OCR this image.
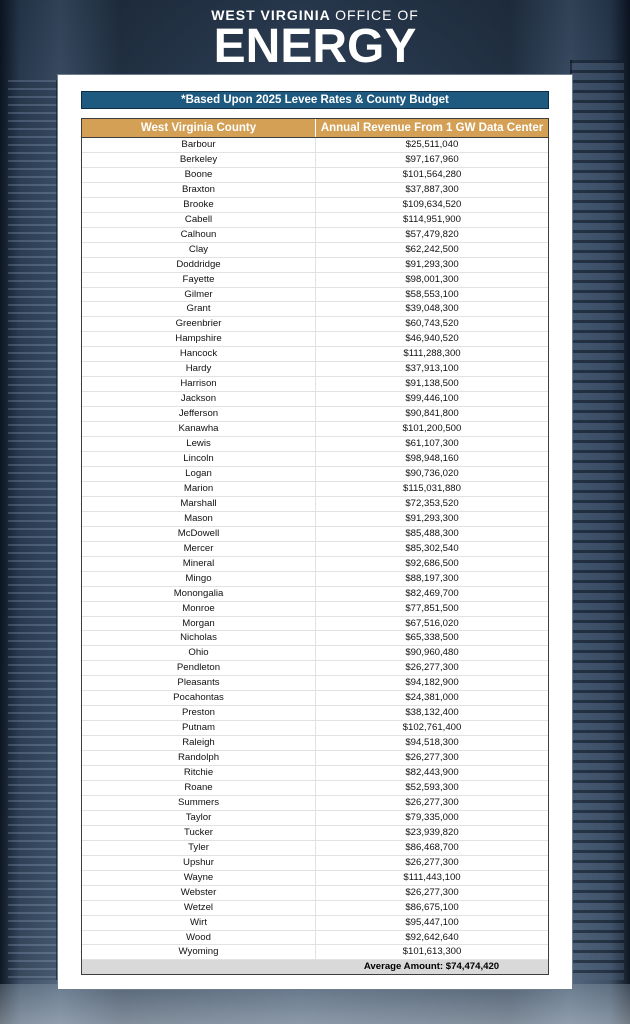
WEST VIRGINIA OFFICE OF
ENERGY
*Based Upon 2025 Levee Rates & County Budget
West Virginia County	Annual Revenue From 1 GW Data Center
Barbour	$25,511,040
Berkeley	$97,167,960
Boone	$101,564,280
Braxton	$37,887,300
Brooke	$109,634,520
Cabell	$114,951,900
Calhoun	$57,479,820
Clay	$62,242,500
Doddridge	$91,293,300
Fayette	$98,001,300
Gilmer	$58,553,100
Grant	$39,048,300
Greenbrier	$60,743,520
Hampshire	$46,940,520
Hancock	$111,288,300
Hardy	$37,913,100
Harrison	$91,138,500
Jackson	$99,446,100
Jefferson	$90,841,800
Kanawha	$101,200,500
Lewis	$61,107,300
Lincoln	$98,948,160
Logan	$90,736,020
Marion	$115,031,880
Marshall	$72,353,520
Mason	$91,293,300
McDowell	$85,488,300
Mercer	$85,302,540
Mineral	$92,686,500
Mingo	$88,197,300
Monongalia	$82,469,700
Monroe	$77,851,500
Morgan	$67,516,020
Nicholas	$65,338,500
Ohio	$90,960,480
Pendleton	$26,277,300
Pleasants	$94,182,900
Pocahontas	$24,381,000
Preston	$38,132,400
Putnam	$102,761,400
Raleigh	$94,518,300
Randolph	$26,277,300
Ritchie	$82,443,900
Roane	$52,593,300
Summers	$26,277,300
Taylor	$79,335,000
Tucker	$23,939,820
Tyler	$86,468,700
Upshur	$26,277,300
Wayne	$111,443,100
Webster	$26,277,300
Wetzel	$86,675,100
Wirt	$95,447,100
Wood	$92,642,640
Wyoming	$101,613,300
Average Amount: $74,474,420
